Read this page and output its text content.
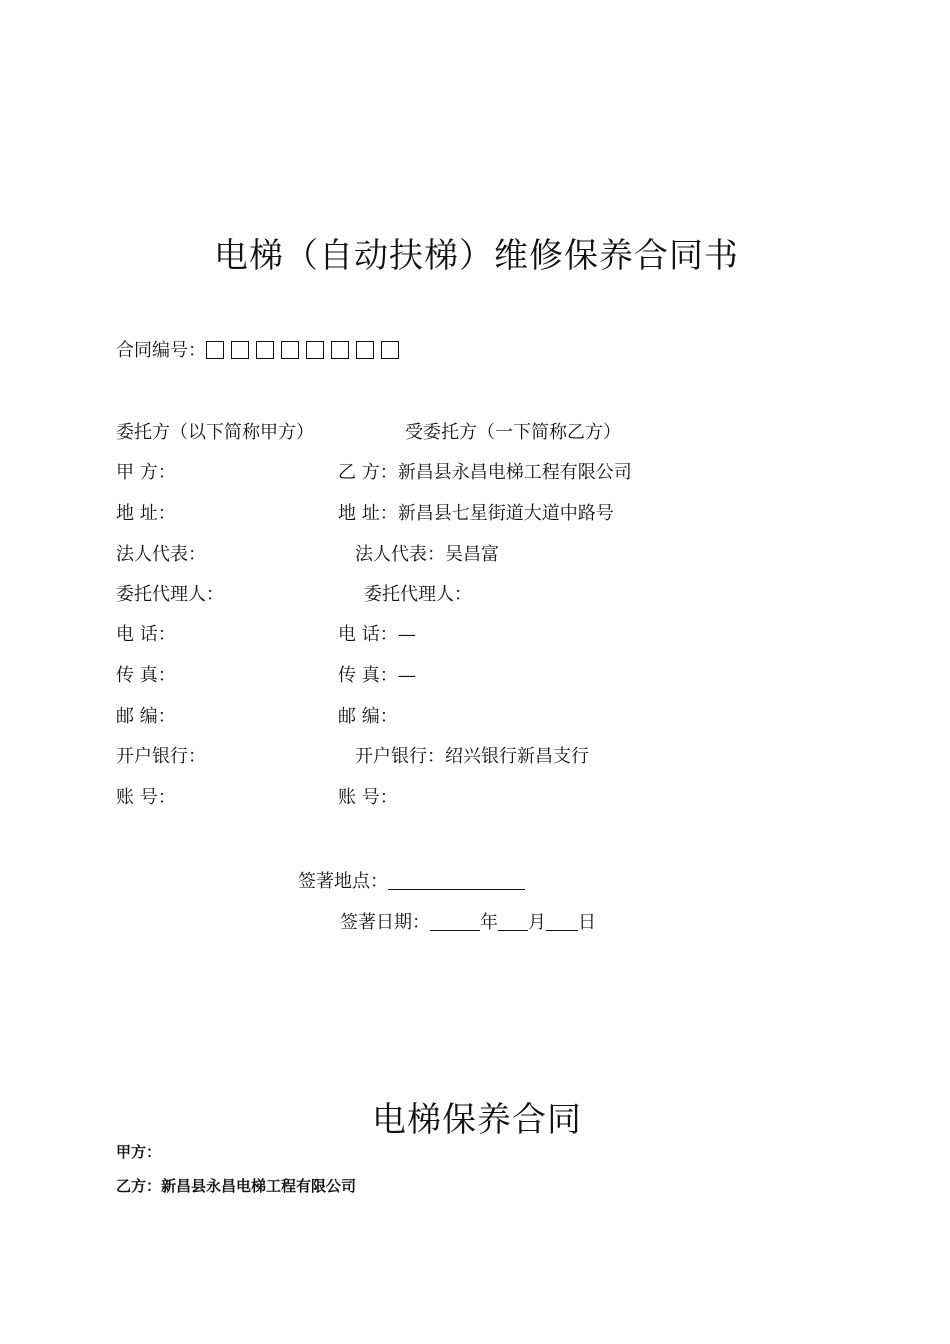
电梯（自动扶梯）维修保养合同书
合同编号：
委托方（以下简称甲方）	受委托方（一下简称乙方）
甲 方：	乙 方：新昌县永昌电梯工程有限公司
地 址：	地 址：新昌县七星街道大道中路号
法人代表：	法人代表：吴昌富
委托代理人：	委托代理人：
电 话：	电 话：—
传 真：	传 真：—
邮 编：	邮 编：
开户银行：	开户银行：绍兴银行新昌支行
账 号：	账 号：
签著地点：
签著日期：	年 月 日
电梯保养合同
甲方：
乙方：新昌县永昌电梯工程有限公司
